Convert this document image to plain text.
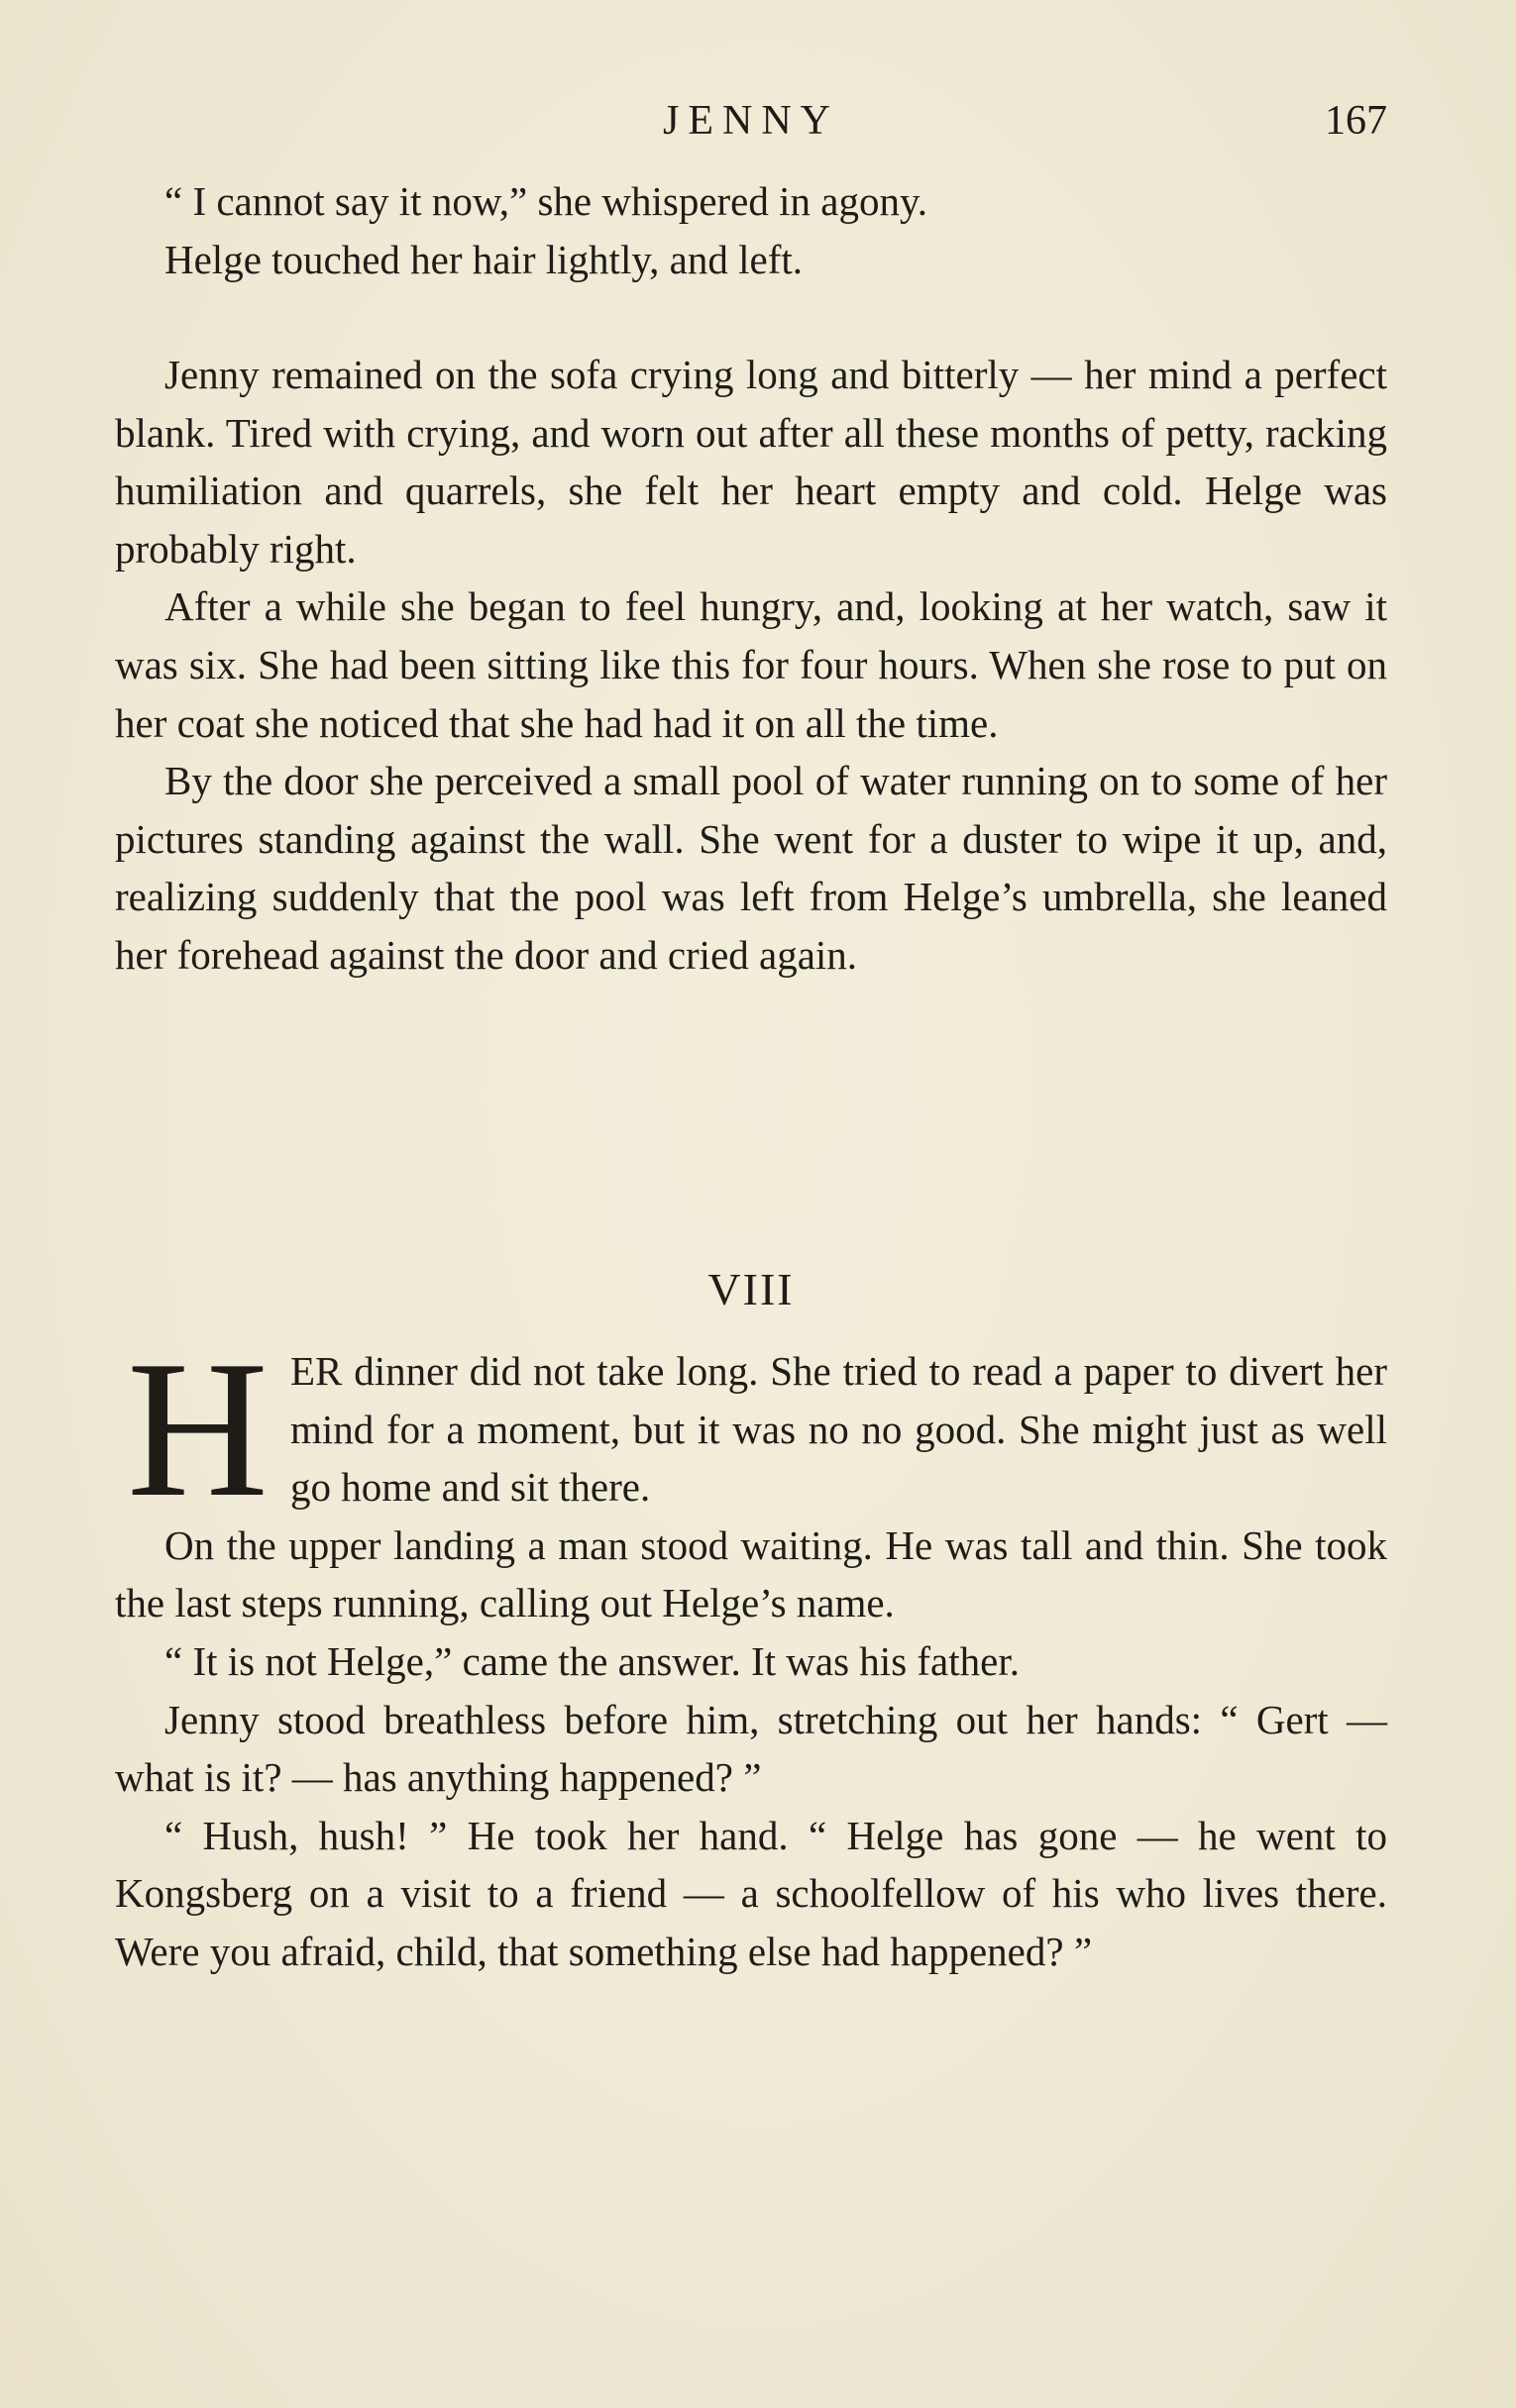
JENNY	167

“ I cannot say it now,” she whispered in agony.

Helge touched her hair lightly, and left.

Jenny remained on the sofa crying long and bitterly — her mind a perfect blank. Tired with crying, and worn out after all these months of petty, racking humiliation and quarrels, she felt her heart empty and cold. Helge was probably right.

After a while she began to feel hungry, and, looking at her watch, saw it was six. She had been sitting like this for four hours. When she rose to put on her coat she noticed that she had had it on all the time.

By the door she perceived a small pool of water running on to some of her pictures standing against the wall. She went for a duster to wipe it up, and, realizing suddenly that the pool was left from Helge’s umbrella, she leaned her forehead against the door and cried again.

VIII

HER dinner did not take long. She tried to read a paper to divert her mind for a moment, but it was no no good. She might just as well go home and sit there.

On the upper landing a man stood waiting. He was tall and thin. She took the last steps running, calling out Helge’s name.

“ It is not Helge,” came the answer. It was his father.

Jenny stood breathless before him, stretching out her hands: “ Gert — what is it? — has anything happened? ”

“ Hush, hush! ” He took her hand. “ Helge has gone — he went to Kongsberg on a visit to a friend — a schoolfellow of his who lives there. Were you afraid, child, that something else had happened? ”
